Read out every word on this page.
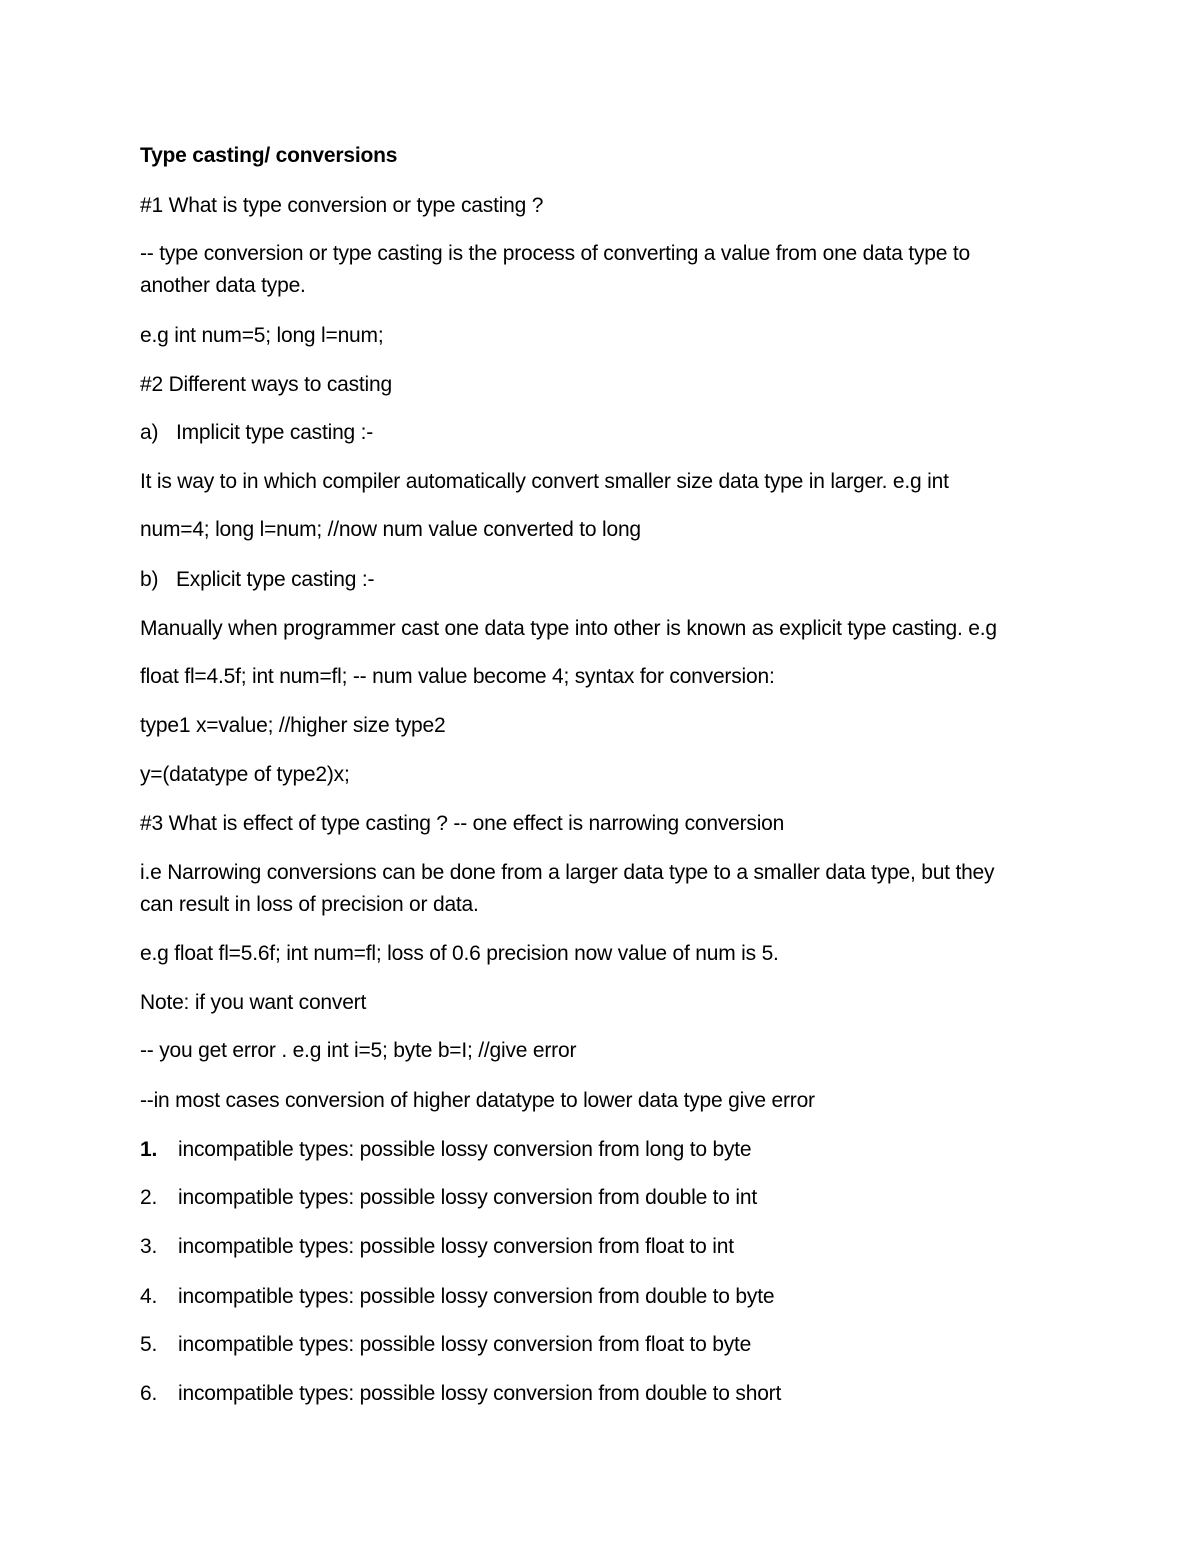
Type casting/ conversions
#1 What is type conversion or type casting ?
-- type conversion or type casting is the process of converting a value from one data type to
another data type.
e.g int num=5; long l=num;
#2 Different ways to casting
a) Implicit type casting :-
It is way to in which compiler automatically convert smaller size data type in larger. e.g int
num=4; long l=num; //now num value converted to long
b) Explicit type casting :-
Manually when programmer cast one data type into other is known as explicit type casting. e.g
float fl=4.5f; int num=fl; -- num value become 4; syntax for conversion:
type1 x=value; //higher size type2
y=(datatype of type2)x;
#3 What is effect of type casting ? -- one effect is narrowing conversion
i.e Narrowing conversions can be done from a larger data type to a smaller data type, but they
can result in loss of precision or data.
e.g float fl=5.6f; int num=fl; loss of 0.6 precision now value of num is 5.
Note: if you want convert
-- you get error . e.g int i=5; byte b=I; //give error
--in most cases conversion of higher datatype to lower data type give error
1. incompatible types: possible lossy conversion from long to byte
2. incompatible types: possible lossy conversion from double to int
3. incompatible types: possible lossy conversion from float to int
4. incompatible types: possible lossy conversion from double to byte
5. incompatible types: possible lossy conversion from float to byte
6. incompatible types: possible lossy conversion from double to short
